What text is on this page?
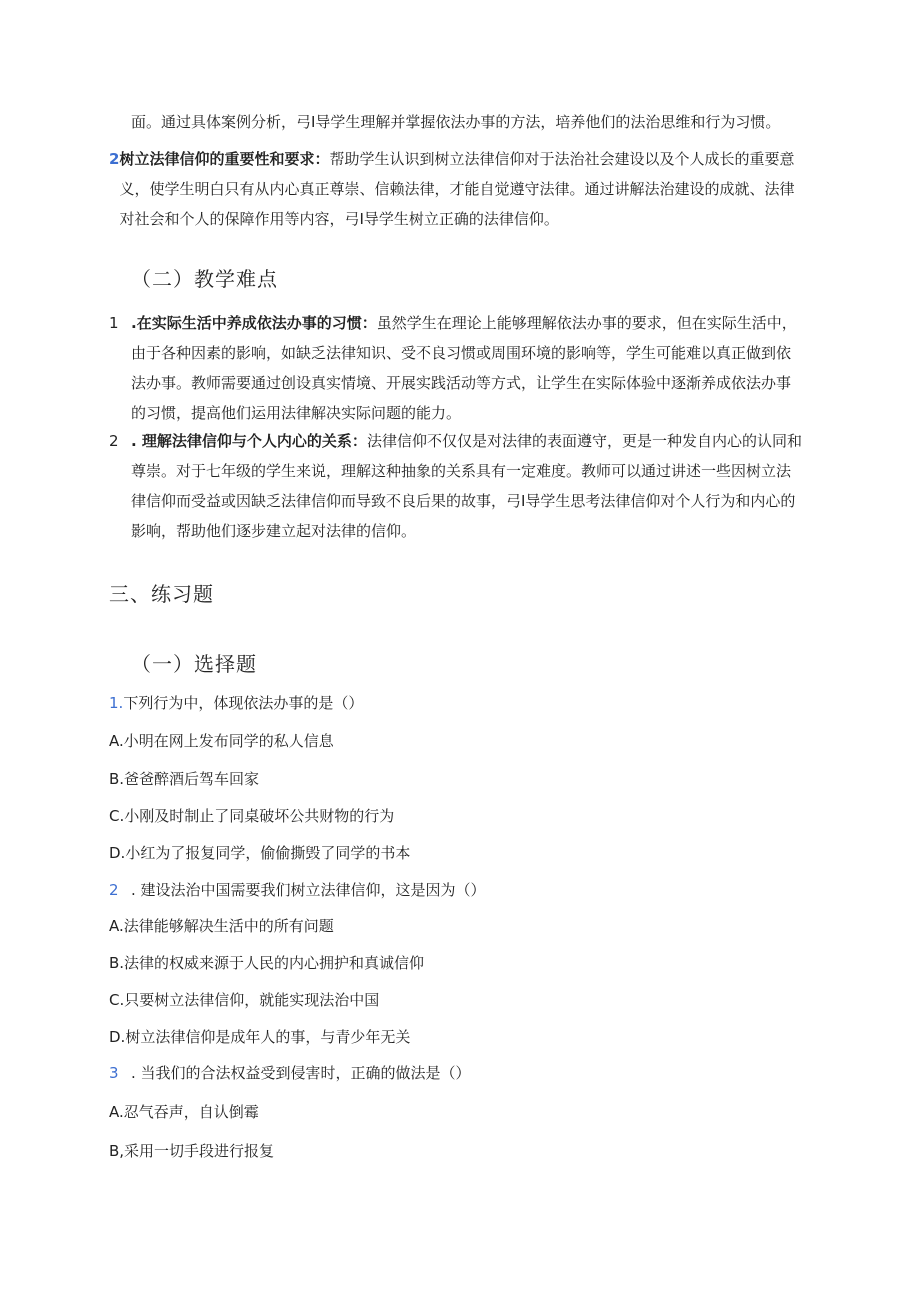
面。通过具体案例分析，弓I导学生理解并掌握依法办事的方法，培养他们的法治思维和行为习惯。

2 树立法律信仰的重要性和要求：帮助学生认识到树立法律信仰对于法治社会建设以及个人成长的重要意义，使学生明白只有从内心真正尊崇、信赖法律，才能自觉遵守法律。通过讲解法治建设的成就、法律对社会和个人的保障作用等内容，弓I导学生树立正确的法律信仰。
（二）教学难点
1 .在实际生活中养成依法办事的习惯：虽然学生在理论上能够理解依法办事的要求，但在实际生活中，由于各种因素的影响，如缺乏法律知识、受不良习惯或周围环境的影响等，学生可能难以真正做到依法办事。教师需要通过创设真实情境、开展实践活动等方式，让学生在实际体验中逐渐养成依法办事的习惯，提高他们运用法律解决实际问题的能力。
2 . 理解法律信仰与个人内心的关系：法律信仰不仅仅是对法律的表面遵守，更是一种发自内心的认同和尊崇。对于七年级的学生来说，理解这种抽象的关系具有一定难度。教师可以通过讲述一些因树立法律信仰而受益或因缺乏法律信仰而导致不良后果的故事，弓I导学生思考法律信仰对个人行为和内心的影响，帮助他们逐步建立起对法律的信仰。
三、练习题
（一）选择题

1.下列行为中，体现依法办事的是（）

A.小明在网上发布同学的私人信息

B.爸爸醉酒后驾车回家

C.小刚及时制止了同桌破坏公共财物的行为

D.小红为了报复同学，偷偷撕毁了同学的书本

2 . 建设法治中国需要我们树立法律信仰，这是因为（）

A.法律能够解决生活中的所有问题

B.法律的权威来源于人民的内心拥护和真诚信仰

C.只要树立法律信仰，就能实现法治中国

D.树立法律信仰是成年人的事，与青少年无关

3 . 当我们的合法权益受到侵害时，正确的做法是（）

A.忍气吞声，自认倒霉

B,采用一切手段进行报复
